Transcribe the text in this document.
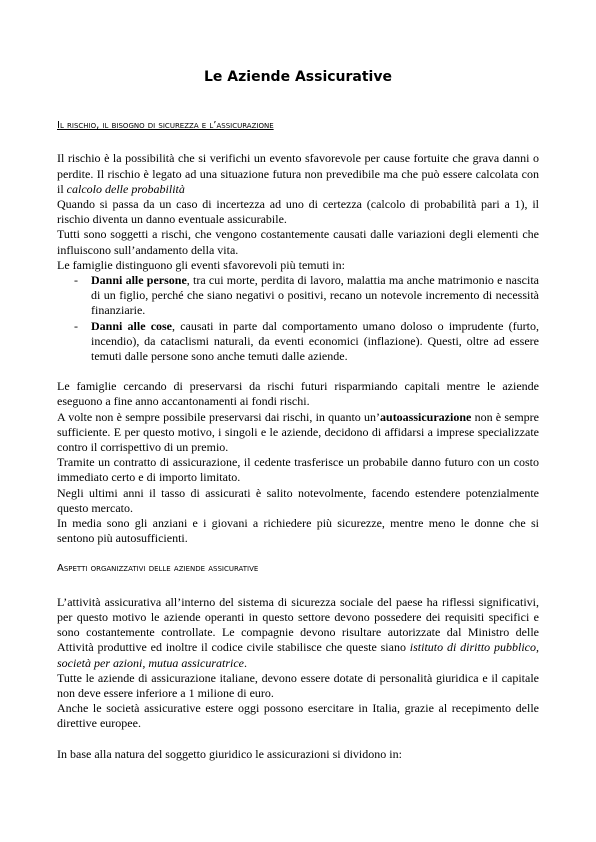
Le Aziende Assicurative
Il rischio, il bisogno di sicurezza e l’assicurazione

Il rischio è la possibilità che si verifichi un evento sfavorevole per cause fortuite che grava danni o perdite. Il rischio è legato ad una situazione futura non prevedibile ma che può essere calcolata con il calcolo delle probabilità

Quando si passa da un caso di incertezza ad uno di certezza (calcolo di probabilità pari a 1), il rischio diventa un danno eventuale assicurabile.

Tutti sono soggetti a rischi, che vengono costantemente causati dalle variazioni degli elementi che influiscono sull’andamento della vita.

Le famiglie distinguono gli eventi sfavorevoli più temuti in:

- Danni alle persone, tra cui morte, perdita di lavoro, malattia ma anche matrimonio e nascita di un figlio, perché che siano negativi o positivi, recano un notevole incremento di necessità finanziarie.
- Danni alle cose, causati in parte dal comportamento umano doloso o imprudente (furto, incendio), da cataclismi naturali, da eventi economici (inflazione). Questi, oltre ad essere temuti dalle persone sono anche temuti dalle aziende.

Le famiglie cercando di preservarsi da rischi futuri risparmiando capitali mentre le aziende eseguono a fine anno accantonamenti ai fondi rischi.

A volte non è sempre possibile preservarsi dai rischi, in quanto un’autoassicurazione non è sempre sufficiente. E per questo motivo, i singoli e le aziende, decidono di affidarsi a imprese specializzate contro il corrispettivo di un premio.

Tramite un contratto di assicurazione, il cedente trasferisce un probabile danno futuro con un costo immediato certo e di importo limitato.

Negli ultimi anni il tasso di assicurati è salito notevolmente, facendo estendere potenzialmente questo mercato.

In media sono gli anziani e i giovani a richiedere più sicurezze, mentre meno le donne che si sentono più autosufficienti.

Aspetti organizzativi delle aziende assicurative

L’attività assicurativa all’interno del sistema di sicurezza sociale del paese ha riflessi significativi, per questo motivo le aziende operanti in questo settore devono possedere dei requisiti specifici e sono costantemente controllate. Le compagnie devono risultare autorizzate dal Ministro delle Attività produttive ed inoltre il codice civile stabilisce che queste siano istituto di diritto pubblico, società per azioni, mutua assicuratrice.

Tutte le aziende di assicurazione italiane, devono essere dotate di personalità giuridica e il capitale non deve essere inferiore a 1 milione di euro.

Anche le società assicurative estere oggi possono esercitare in Italia, grazie al recepimento delle direttive europee.

In base alla natura del soggetto giuridico le assicurazioni si dividono in:
